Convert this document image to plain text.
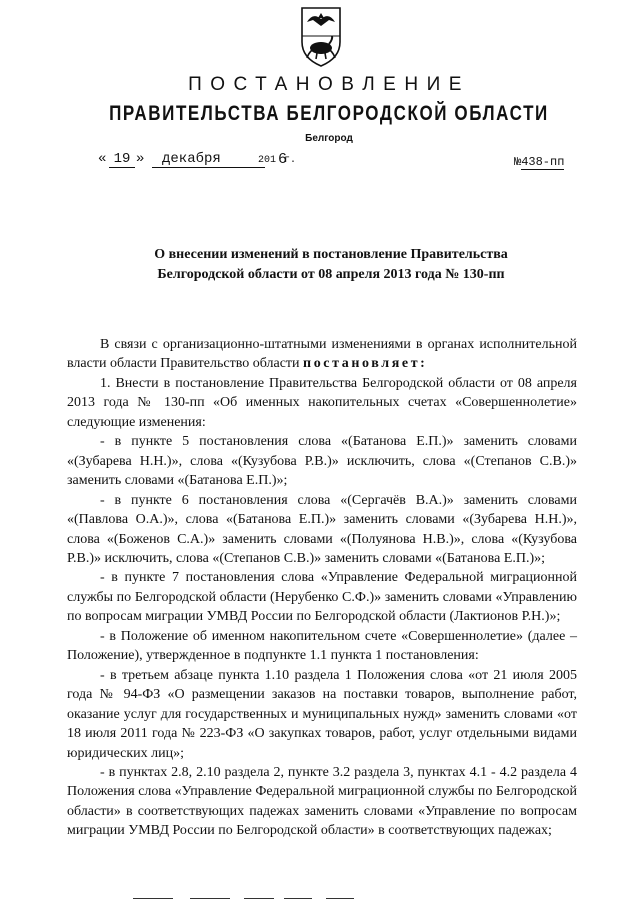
ПОСТАНОВЛЕНИЕ
ПРАВИТЕЛЬСТВА БЕЛГОРОДСКОЙ ОБЛАСТИ
Белгород
« 19 »	декабря	201 6
г.	№438-пп
О внесении изменений в постановление Правительства
Белгородской области от 08 апреля 2013 года № 130-пп

В связи с организационно-штатными изменениями в органах исполнительной власти области Правительство области постановляет:

1. Внести в постановление Правительства Белгородской области от 08 апреля 2013 года № 130-пп «Об именных накопительных счетах «Совершеннолетие» следующие изменения:

- в пункте 5 постановления слова «(Батанова Е.П.)» заменить словами «(Зубарева Н.Н.)», слова «(Кузубова Р.В.)» исключить, слова «(Степанов С.В.)» заменить словами «(Батанова Е.П.)»;

- в пункте 6 постановления слова «(Сергачёв В.А.)» заменить словами «(Павлова О.А.)», слова «(Батанова Е.П.)» заменить словами «(Зубарева Н.Н.)», слова «(Боженов С.А.)» заменить словами «(Полуянова Н.В.)», слова «(Кузубова Р.В.)» исключить, слова «(Степанов С.В.)» заменить словами «(Батанова Е.П.)»;

- в пункте 7 постановления слова «Управление Федеральной миграционной службы по Белгородской области (Нерубенко С.Ф.)» заменить словами «Управлению по вопросам миграции УМВД России по Белгородской области (Лактионов Р.Н.)»;

- в Положение об именном накопительном счете «Совершеннолетие» (далее – Положение), утвержденное в подпункте 1.1 пункта 1 постановления:

- в третьем абзаце пункта 1.10 раздела 1 Положения слова «от 21 июля 2005 года № 94-ФЗ «О размещении заказов на поставки товаров, выполнение работ, оказание услуг для государственных и муниципальных нужд» заменить словами «от 18 июля 2011 года № 223-ФЗ «О закупках товаров, работ, услуг отдельными видами юридических лиц»;

- в пунктах 2.8, 2.10 раздела 2, пункте 3.2 раздела 3, пунктах 4.1 - 4.2 раздела 4 Положения слова «Управление Федеральной миграционной службы по Белгородской области» в соответствующих падежах заменить словами «Управление по вопросам миграции УМВД России по Белгородской области» в соответствующих падежах;
